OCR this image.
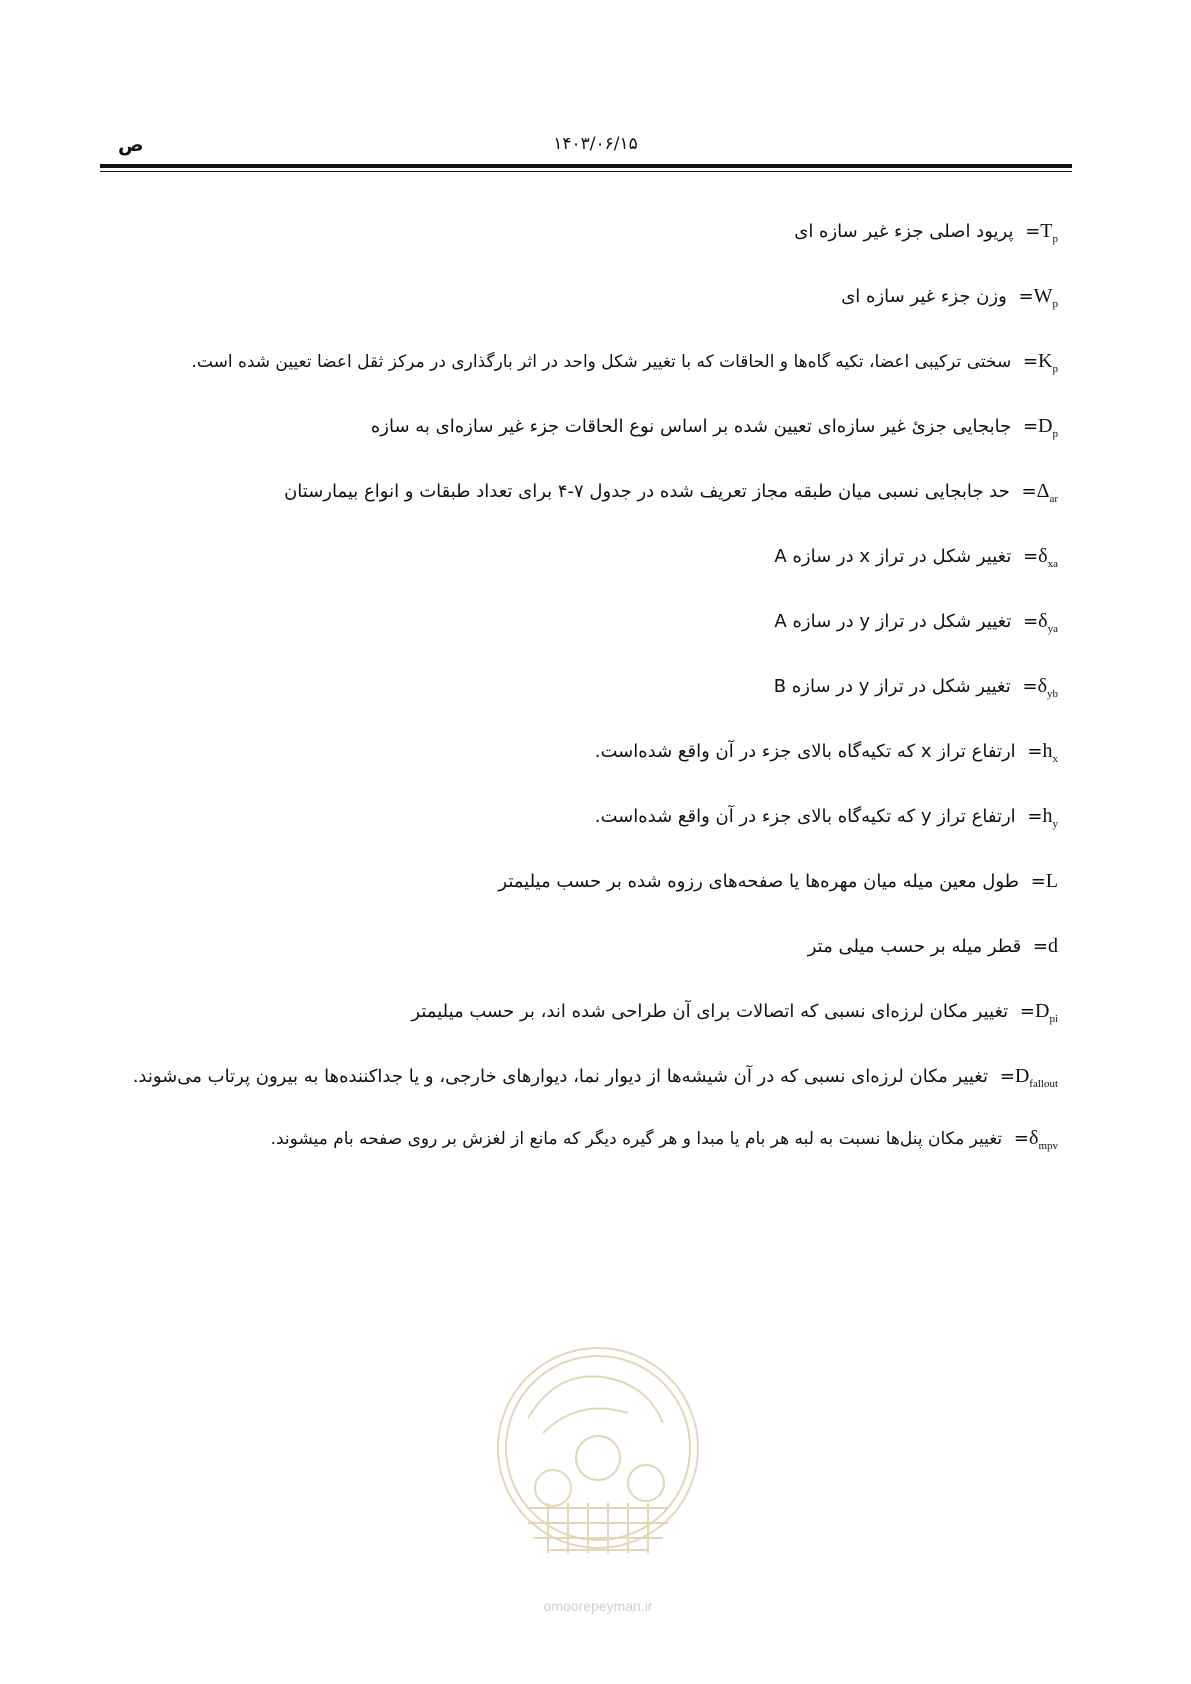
ص	۱۴۰۳/۰۶/۱۵
$T_p=$ پریود اصلی جزء غیر سازه ای
$W_p=$ وزن جزء غیر سازه ای
$K_p=$ سختی ترکیبی اعضا، تکیه گاه‌ها و الحاقات که با تغییر شکل واحد در اثر بارگذاری در مرکز ثقل اعضا تعیین شده است.
$D_p=$ جابجایی جزئ غیر سازه‌ای تعیین شده بر اساس نوع الحاقات جزء غیر سازه‌ای به سازه
$\Delta_{ar}=$ حد جابجایی نسبی میان طبقه مجاز تعریف شده در جدول ۷-۴ برای تعداد طبقات و انواع بیمارستان
$\delta_{xa}=$ تغییر شکل در تراز x در سازه A
$\delta_{ya}=$ تغییر شکل در تراز y در سازه A
$\delta_{yb}=$ تغییر شکل در تراز y در سازه B
$h_x=$ ارتفاع تراز x که تکیه‌گاه بالای جزء در آن واقع شده‌است.
$h_y=$ ارتفاع تراز y که تکیه‌گاه بالای جزء در آن واقع شده‌است.
L= طول معین میله میان مهره‌ها یا صفحه‌های رزوه شده بر حسب میلیمتر
d= قطر میله بر حسب میلی متر
$D_{pi}=$ تغییر مکان لرزه‌ای نسبی که اتصالات برای آن طراحی شده اند، بر حسب میلیمتر
$D_{fallout}=$ تغییر مکان لرزه‌ای نسبی که در آن شیشه‌ها از دیوار نما، دیوارهای خارجی، و یا جداکننده‌ها به بیرون پرتاب می‌شوند.
$\delta_{mpv}=$ تغییر مکان پنل‌ها نسبت به لبه هر بام یا مبدا و هر گیره دیگر که مانع از لغزش بر روی صفحه بام میشوند.
omoorepeyman.ir
